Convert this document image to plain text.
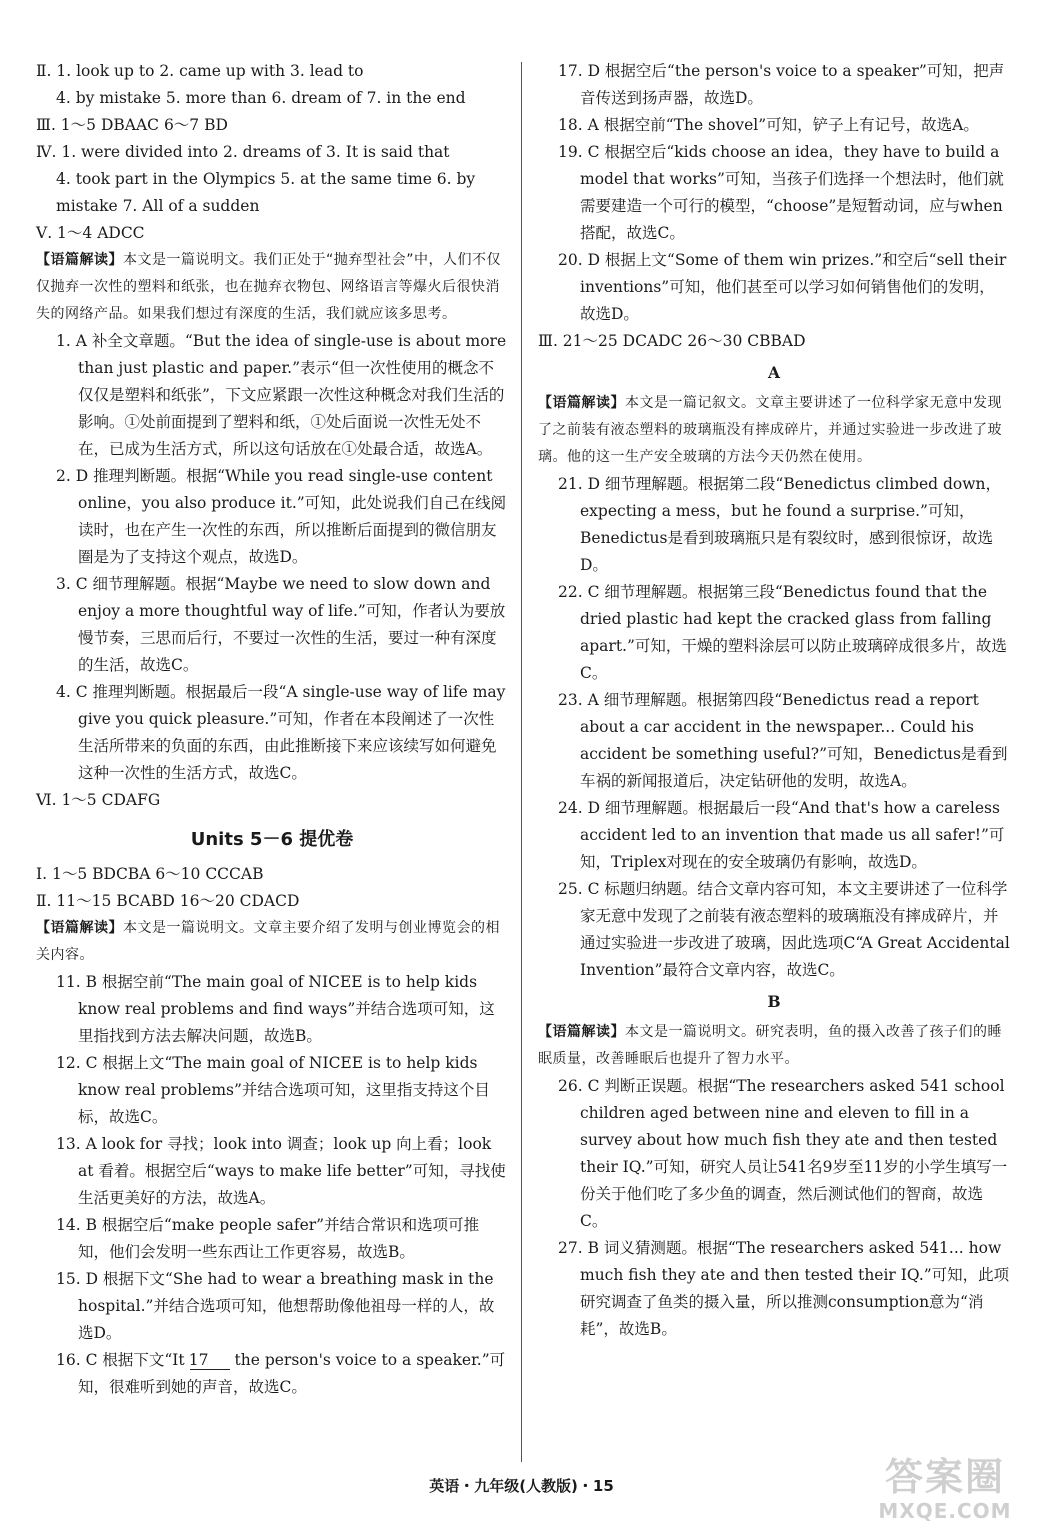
Ⅱ. 1. look up to 2. came up with 3. lead to
4. by mistake 5. more than 6. dream of 7. in the end
Ⅲ. 1～5 DBAAC 6～7 BD
Ⅳ. 1. were divided into 2. dreams of 3. It is said that
4. took part in the Olympics 5. at the same time 6. by
mistake 7. All of a sudden
Ⅴ. 1～4 ADCC
【语篇解读】本文是一篇说明文。我们正处于“抛弃型社会”中，人们不仅仅抛弃一次性的塑料和纸张，也在抛弃衣物包、网络语言等爆火后很快消失的网络产品。如果我们想过有深度的生活，我们就应该多思考。
1. A 补全文章题。“But the idea of single-use is about more than just plastic and paper.”表示“但一次性使用的概念不仅仅是塑料和纸张”，下文应紧跟一次性这种概念对我们生活的影响。①处前面提到了塑料和纸，①处后面说一次性无处不在，已成为生活方式，所以这句话放在①处最合适，故选A。
2. D 推理判断题。根据“While you read single-use content online，you also produce it.”可知，此处说我们自己在线阅读时，也在产生一次性的东西，所以推断后面提到的微信朋友圈是为了支持这个观点，故选D。
3. C 细节理解题。根据“Maybe we need to slow down and enjoy a more thoughtful way of life.”可知，作者认为要放慢节奏，三思而后行，不要过一次性的生活，要过一种有深度的生活，故选C。
4. C 推理判断题。根据最后一段“A single-use way of life may give you quick pleasure.”可知，作者在本段阐述了一次性生活所带来的负面的东西，由此推断接下来应该续写如何避免这种一次性的生活方式，故选C。
Ⅵ. 1～5 CDAFG
Units 5－6 提优卷
Ⅰ. 1～5 BDCBA 6～10 CCCAB
Ⅱ. 11～15 BCABD 16～20 CDACD
【语篇解读】本文是一篇说明文。文章主要介绍了发明与创业博览会的相关内容。
11. B 根据空前“The main goal of NICEE is to help kids know real problems and find ways”并结合选项可知，这里指找到方法去解决问题，故选B。
12. C 根据上文“The main goal of NICEE is to help kids know real problems”并结合选项可知，这里指支持这个目标，故选C。
13. A look for 寻找；look into 调查；look up 向上看；look at 看着。根据空后“ways to make life better”可知，寻找使生活更美好的方法，故选A。
14. B 根据空后“make people safer”并结合常识和选项可推知，他们会发明一些东西让工作更容易，故选B。
15. D 根据下文“She had to wear a breathing mask in the hospital.”并结合选项可知，他想帮助像他祖母一样的人，故选D。
16. C 根据下文“It 17 the person's voice to a speaker.”可知，很难听到她的声音，故选C。
17. D 根据空后“the person's voice to a speaker”可知，把声音传送到扬声器，故选D。
18. A 根据空前“The shovel”可知，铲子上有记号，故选A。
19. C 根据空后“kids choose an idea，they have to build a model that works”可知，当孩子们选择一个想法时，他们就需要建造一个可行的模型，“choose”是短暂动词，应与when搭配，故选C。
20. D 根据上文“Some of them win prizes.”和空后“sell their inventions”可知，他们甚至可以学习如何销售他们的发明，故选D。
Ⅲ. 21～25 DCADC 26～30 CBBAD
A
【语篇解读】本文是一篇记叙文。文章主要讲述了一位科学家无意中发现了之前装有液态塑料的玻璃瓶没有摔成碎片，并通过实验进一步改进了玻璃。他的这一生产安全玻璃的方法今天仍然在使用。
21. D 细节理解题。根据第二段“Benedictus climbed down，expecting a mess，but he found a surprise.”可知，Benedictus是看到玻璃瓶只是有裂纹时，感到很惊讶，故选D。
22. C 细节理解题。根据第三段“Benedictus found that the dried plastic had kept the cracked glass from falling apart.”可知，干燥的塑料涂层可以防止玻璃碎成很多片，故选C。
23. A 细节理解题。根据第四段“Benedictus read a report about a car accident in the newspaper... Could his accident be something useful?”可知，Benedictus是看到车祸的新闻报道后，决定钻研他的发明，故选A。
24. D 细节理解题。根据最后一段“And that's how a careless accident led to an invention that made us all safer!”可知，Triplex对现在的安全玻璃仍有影响，故选D。
25. C 标题归纳题。结合文章内容可知，本文主要讲述了一位科学家无意中发现了之前装有液态塑料的玻璃瓶没有摔成碎片，并通过实验进一步改进了玻璃，因此选项C“A Great Accidental Invention”最符合文章内容，故选C。
B
【语篇解读】本文是一篇说明文。研究表明，鱼的摄入改善了孩子们的睡眠质量，改善睡眠后也提升了智力水平。
26. C 判断正误题。根据“The researchers asked 541 school children aged between nine and eleven to fill in a survey about how much fish they ate and then tested their IQ.”可知，研究人员让541名9岁至11岁的小学生填写一份关于他们吃了多少鱼的调查，然后测试他们的智商，故选C。
27. B 词义猜测题。根据“The researchers asked 541... how much fish they ate and then tested their IQ.”可知，此项研究调查了鱼类的摄入量，所以推测consumption意为“消耗”，故选B。
英语・九年级(人教版)・15	答案圈
MXQE.COM
